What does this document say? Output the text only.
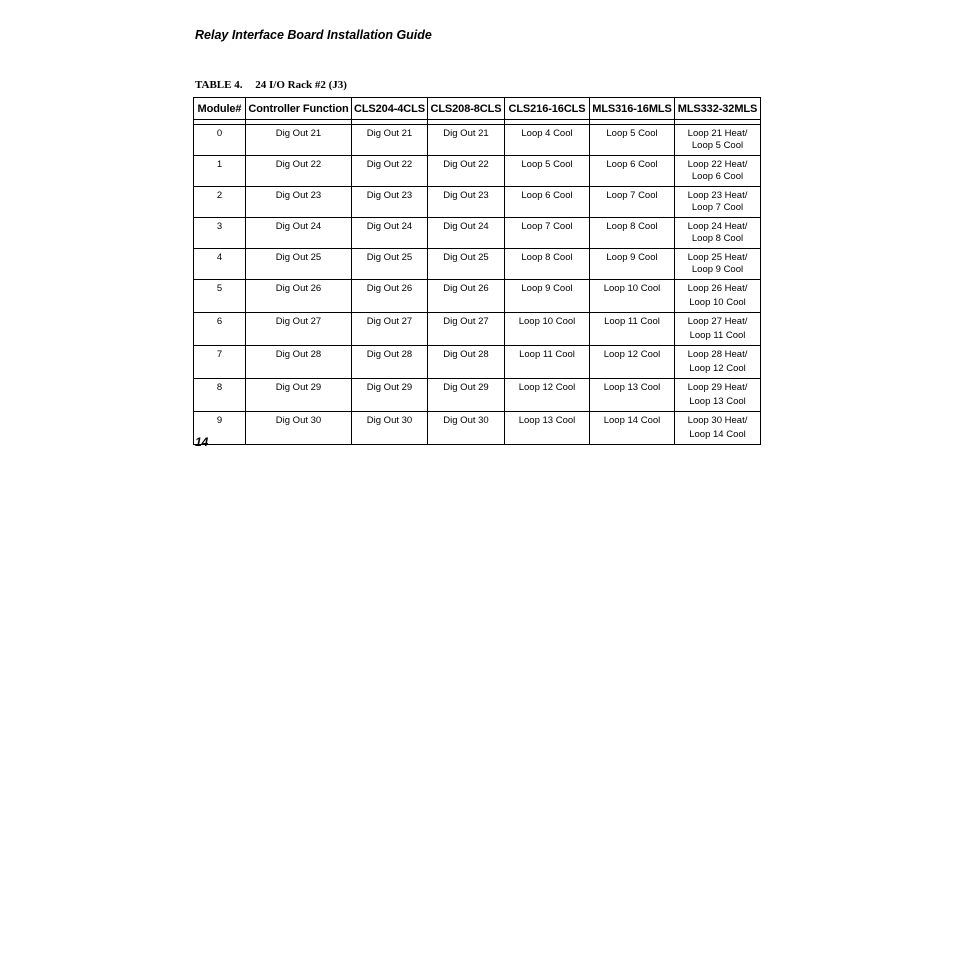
Relay Interface Board Installation Guide
TABLE 4. 24 I/O Rack #2 (J3)
Module#	Controller Function	CLS204-4CLS	CLS208-8CLS	CLS216-16CLS	MLS316-16MLS	MLS332-32MLS

0	Dig Out 21	Dig Out 21	Dig Out 21	Loop 4 Cool	Loop 5 Cool	Loop 21 Heat/
Loop 5 Cool

1	Dig Out 22	Dig Out 22	Dig Out 22	Loop 5 Cool	Loop 6 Cool	Loop 22 Heat/
Loop 6 Cool

2	Dig Out 23	Dig Out 23	Dig Out 23	Loop 6 Cool	Loop 7 Cool	Loop 23 Heat/
Loop 7 Cool

3	Dig Out 24	Dig Out 24	Dig Out 24	Loop 7 Cool	Loop 8 Cool	Loop 24 Heat/
Loop 8 Cool

4	Dig Out 25	Dig Out 25	Dig Out 25	Loop 8 Cool	Loop 9 Cool	Loop 25 Heat/
Loop 9 Cool

5	Dig Out 26	Dig Out 26	Dig Out 26	Loop 9 Cool	Loop 10 Cool	Loop 26 Heat/
Loop 10 Cool

6	Dig Out 27	Dig Out 27	Dig Out 27	Loop 10 Cool	Loop 11 Cool	Loop 27 Heat/
Loop 11 Cool

7	Dig Out 28	Dig Out 28	Dig Out 28	Loop 11 Cool	Loop 12 Cool	Loop 28 Heat/
Loop 12 Cool

8	Dig Out 29	Dig Out 29	Dig Out 29	Loop 12 Cool	Loop 13 Cool	Loop 29 Heat/
Loop 13 Cool

9	Dig Out 30	Dig Out 30	Dig Out 30	Loop 13 Cool	Loop 14 Cool	Loop 30 Heat/
Loop 14 Cool
14
